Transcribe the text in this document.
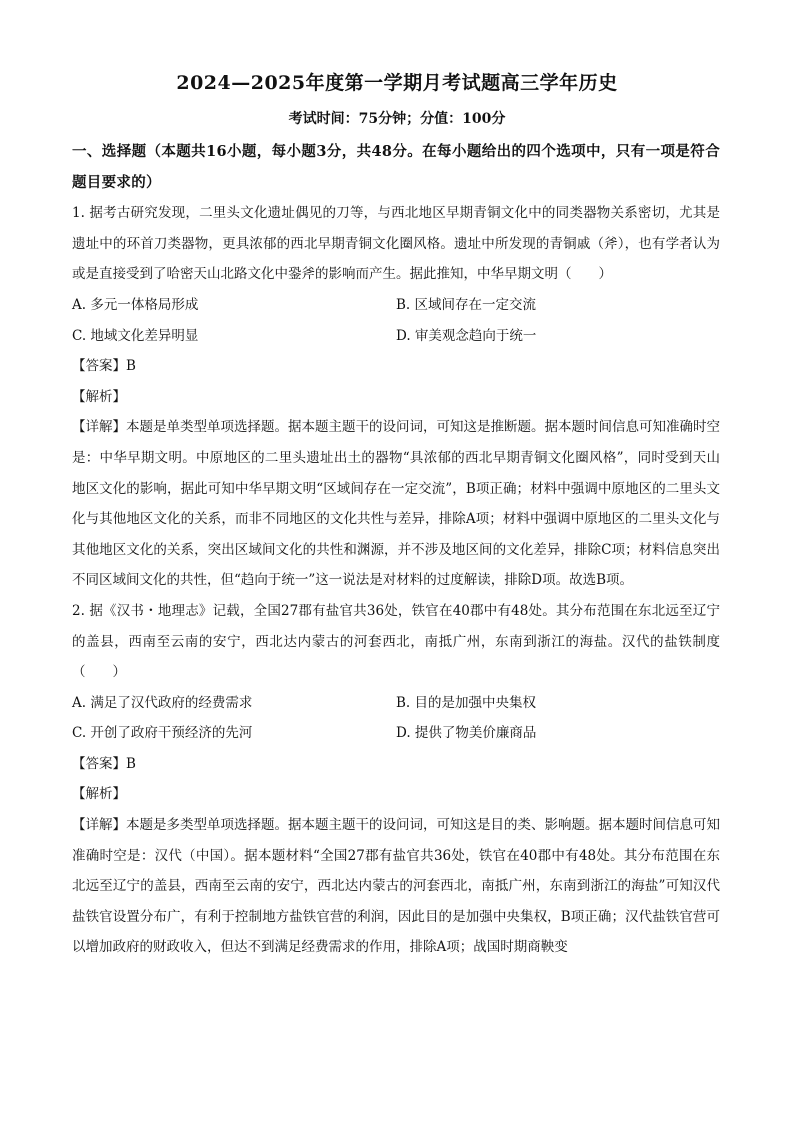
2024—2025年度第一学期月考试题高三学年历史
考试时间：75分钟；分值：100分
一、选择题（本题共16小题，每小题3分，共48分。在每小题给出的四个选项中，只有一项是符合题目要求的）
1. 据考古研究发现，二里头文化遗址偶见的刀等，与西北地区早期青铜文化中的同类器物关系密切，尤其是遗址中的环首刀类器物，更具浓郁的西北早期青铜文化圈风格。遗址中所发现的青铜戚（斧），也有学者认为或是直接受到了哈密天山北路文化中銎斧的影响而产生。据此推知，中华早期文明（　　）
A. 多元一体格局形成	B. 区域间存在一定交流
C. 地域文化差异明显	D. 审美观念趋向于统一
【答案】B
【解析】
【详解】本题是单类型单项选择题。据本题主题干的设问词，可知这是推断题。据本题时间信息可知准确时空是：中华早期文明。中原地区的二里头遗址出土的器物“具浓郁的西北早期青铜文化圈风格”，同时受到天山地区文化的影响，据此可知中华早期文明“区域间存在一定交流”，B项正确；材料中强调中原地区的二里头文化与其他地区文化的关系，而非不同地区的文化共性与差异，排除A项；材料中强调中原地区的二里头文化与其他地区文化的关系，突出区域间文化的共性和渊源，并不涉及地区间的文化差异，排除C项；材料信息突出不同区域间文化的共性，但“趋向于统一”这一说法是对材料的过度解读，排除D项。故选B项。
2. 据《汉书・地理志》记载，全国27郡有盐官共36处，铁官在40郡中有48处。其分布范围在东北远至辽宁的盖县，西南至云南的安宁，西北达内蒙古的河套西北，南抵广州，东南到浙江的海盐。汉代的盐铁制度（　　）
A. 满足了汉代政府的经费需求	B. 目的是加强中央集权
C. 开创了政府干预经济的先河	D. 提供了物美价廉商品
【答案】B
【解析】
【详解】本题是多类型单项选择题。据本题主题干的设问词，可知这是目的类、影响题。据本题时间信息可知准确时空是：汉代（中国）。据本题材料“全国27郡有盐官共36处，铁官在40郡中有48处。其分布范围在东北远至辽宁的盖县，西南至云南的安宁，西北达内蒙古的河套西北，南抵广州，东南到浙江的海盐”可知汉代盐铁官设置分布广，有利于控制地方盐铁官营的利润，因此目的是加强中央集权，B项正确；汉代盐铁官营可以增加政府的财政收入，但达不到满足经费需求的作用，排除A项；战国时期商鞅变
